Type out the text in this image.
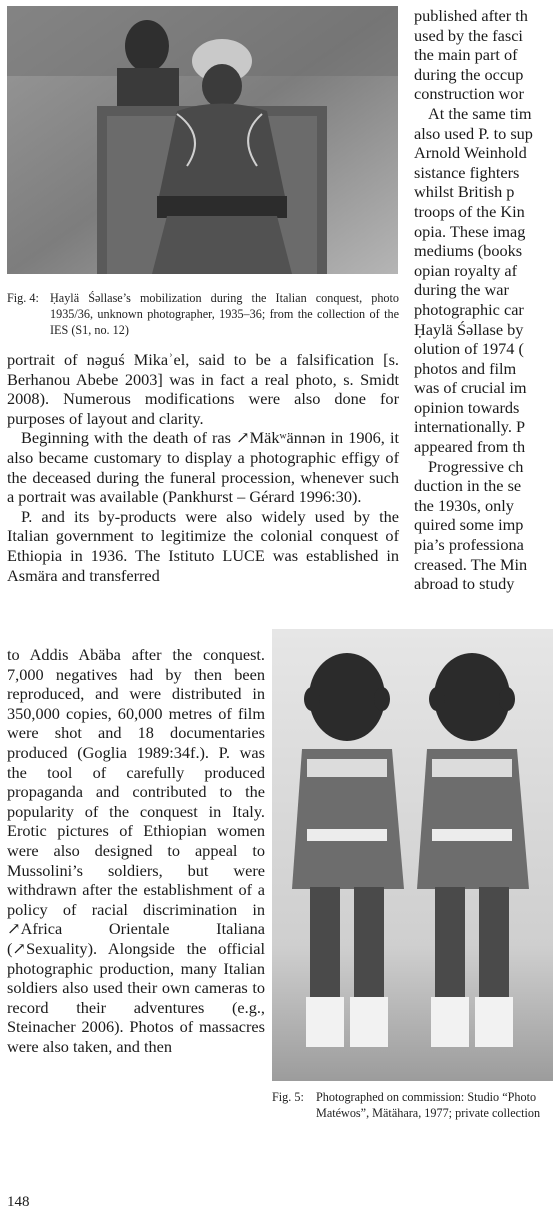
Fig. 4: Ḥaylä Śəllase’s mobilization during the Italian conquest, photo 1935/36, unknown photographer, 1935–36; from the collection of the IES (S1, no. 12)

portrait of nəguś Mikaʾel, said to be a falsification [s. Berhanou Abebe 2003] was in fact a real photo, s. Smidt 2008). Numerous modifications were also done for purposes of layout and clarity.

Beginning with the death of ras ↗Mäkʷännən in 1906, it also became customary to display a photographic effigy of the deceased during the funeral procession, whenever such a portrait was available (Pankhurst – Gérard 1996:30).

P. and its by-products were also widely used by the Italian government to legitimize the colonial conquest of Ethiopia in 1936. The Istituto LUCE was established in Asmära and transferred

to Addis Abäba after the conquest. 7,000 negatives had by then been reproduced, and were distributed in 350,000 copies, 60,000 metres of film were shot and 18 documentaries produced (Goglia 1989:34f.). P. was the tool of carefully produced propaganda and contributed to the popularity of the conquest in Italy. Erotic pictures of Ethiopian women were also designed to appeal to Mussolini’s soldiers, but were withdrawn after the establishment of a policy of racial discrimination in ↗Africa Orientale Italiana (↗Sexuality). Alongside the official photographic production, many Italian soldiers also used their own cameras to record their adventures (e.g., Steinacher 2006). Photos of massacres were also taken, and then

published after th
used by the fasci
the main part of
during the occup
construction wor
At the same tim
also used P. to sup
Arnold Weinhold
sistance fighters
whilst British p
troops of the Kin
opia. These imag
mediums (books
opian royalty af
during the war
photographic car
Ḥaylä Śəllase by
olution of 1974 (
photos and film
was of crucial im
opinion towards
internationally. P
appeared from th
Progressive ch
duction in the se
the 1930s, only
quired some imp
pia’s professiona
creased. The Min
abroad to study
Fig. 5: Photographed on commission: Studio “Photo Matéwos”, Mätähara, 1977; private collection
148
